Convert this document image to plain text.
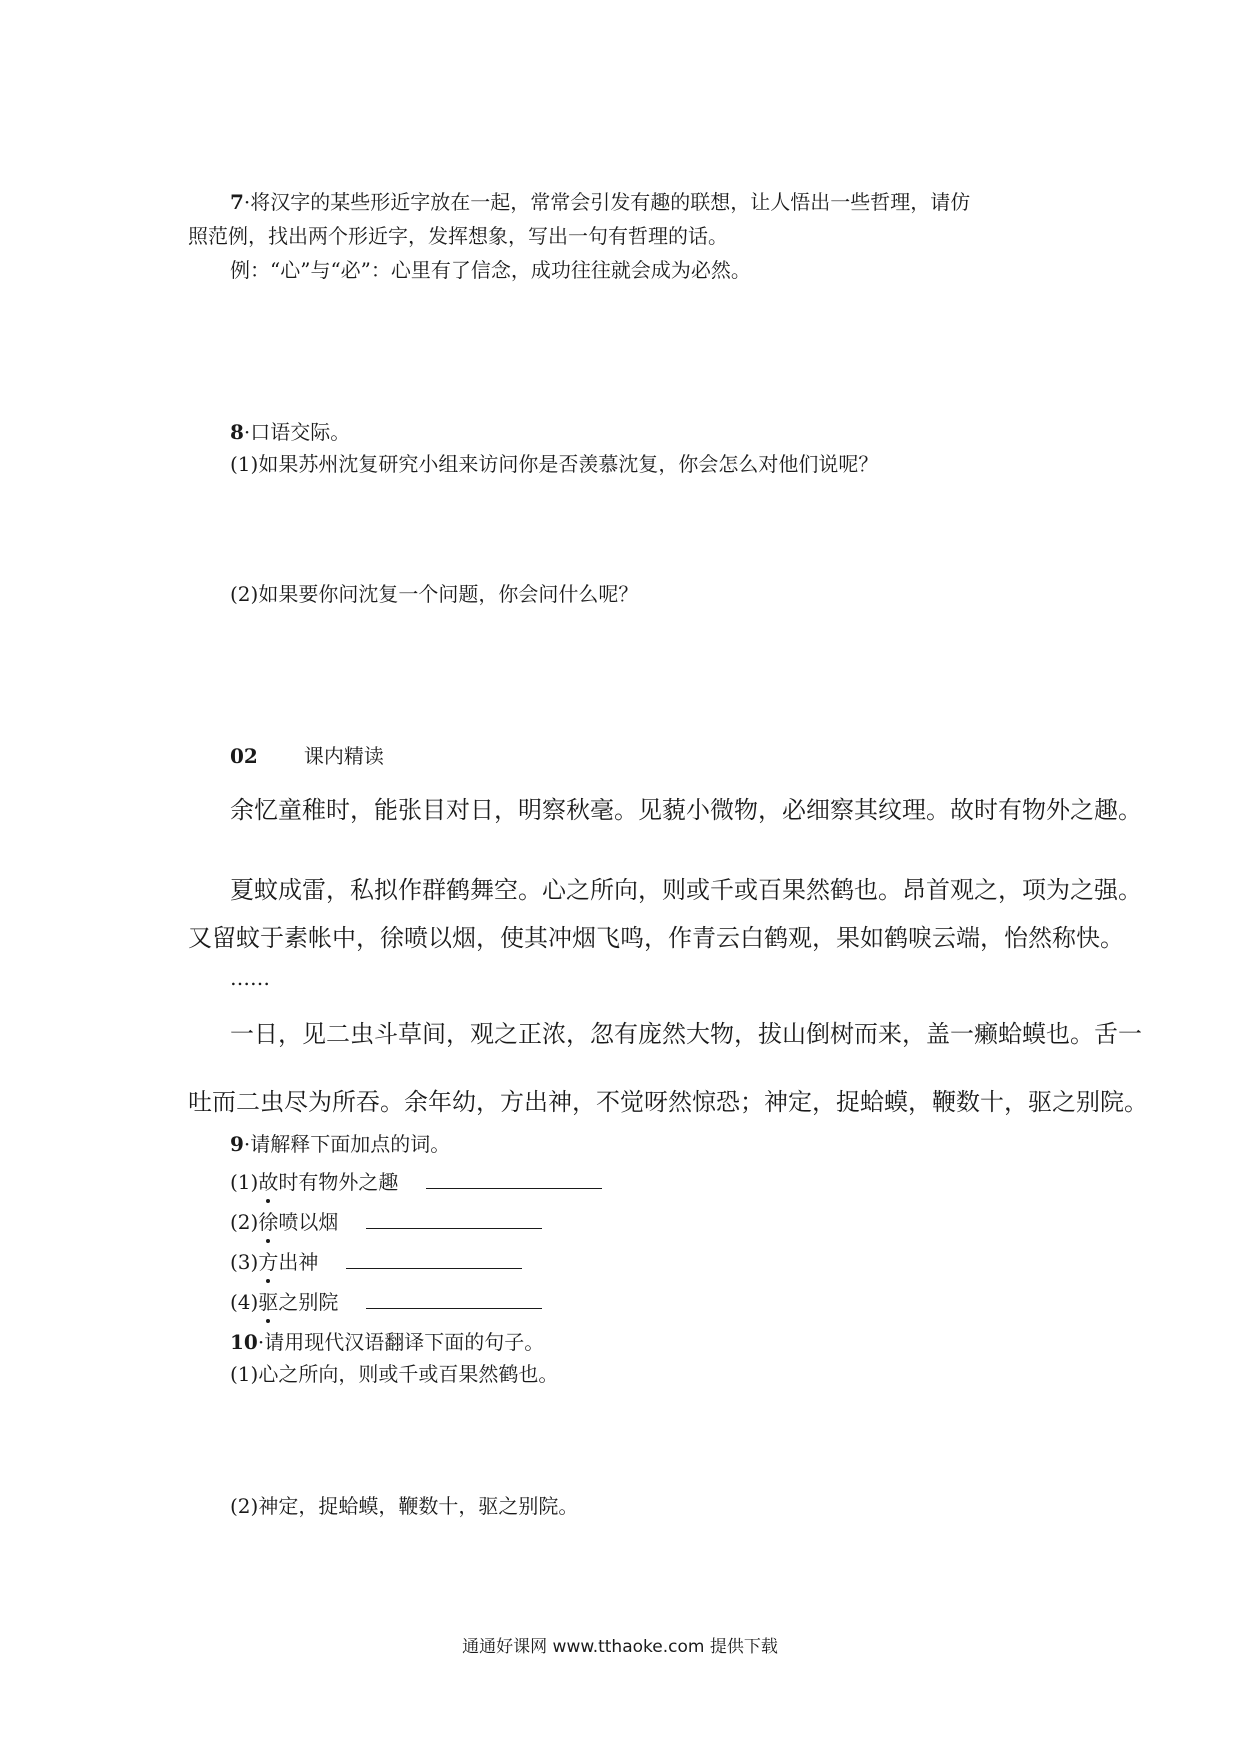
7·将汉字的某些形近字放在一起，常常会引发有趣的联想，让人悟出一些哲理，请仿
照范例，找出两个形近字，发挥想象，写出一句有哲理的话。
例：“心”与“必”：心里有了信念，成功往往就会成为必然。
8·口语交际。
(1)如果苏州沈复研究小组来访问你是否羡慕沈复，你会怎么对他们说呢？
(2)如果要你问沈复一个问题，你会问什么呢？
02 课内精读
余忆童稚时，能张目对日，明察秋毫。见藐小微物，必细察其纹理。故时有物外之趣。
夏蚊成雷，私拟作群鹤舞空。心之所向，则或千或百果然鹤也。昂首观之，项为之强。
又留蚊于素帐中，徐喷以烟，使其冲烟飞鸣，作青云白鹤观，果如鹤唳云端，怡然称快。
……
一日，见二虫斗草间，观之正浓，忽有庞然大物，拔山倒树而来，盖一癞蛤蟆也。舌一
吐而二虫尽为所吞。余年幼，方出神，不觉呀然惊恐；神定，捉蛤蟆，鞭数十，驱之别院。
9·请解释下面加点的词。
(1)故时有物外之趣
(2)徐喷以烟
(3)方出神
(4)驱之别院
10·请用现代汉语翻译下面的句子。
(1)心之所向，则或千或百果然鹤也。
(2)神定，捉蛤蟆，鞭数十，驱之别院。
通通好课网 www.tthaoke.com 提供下载
